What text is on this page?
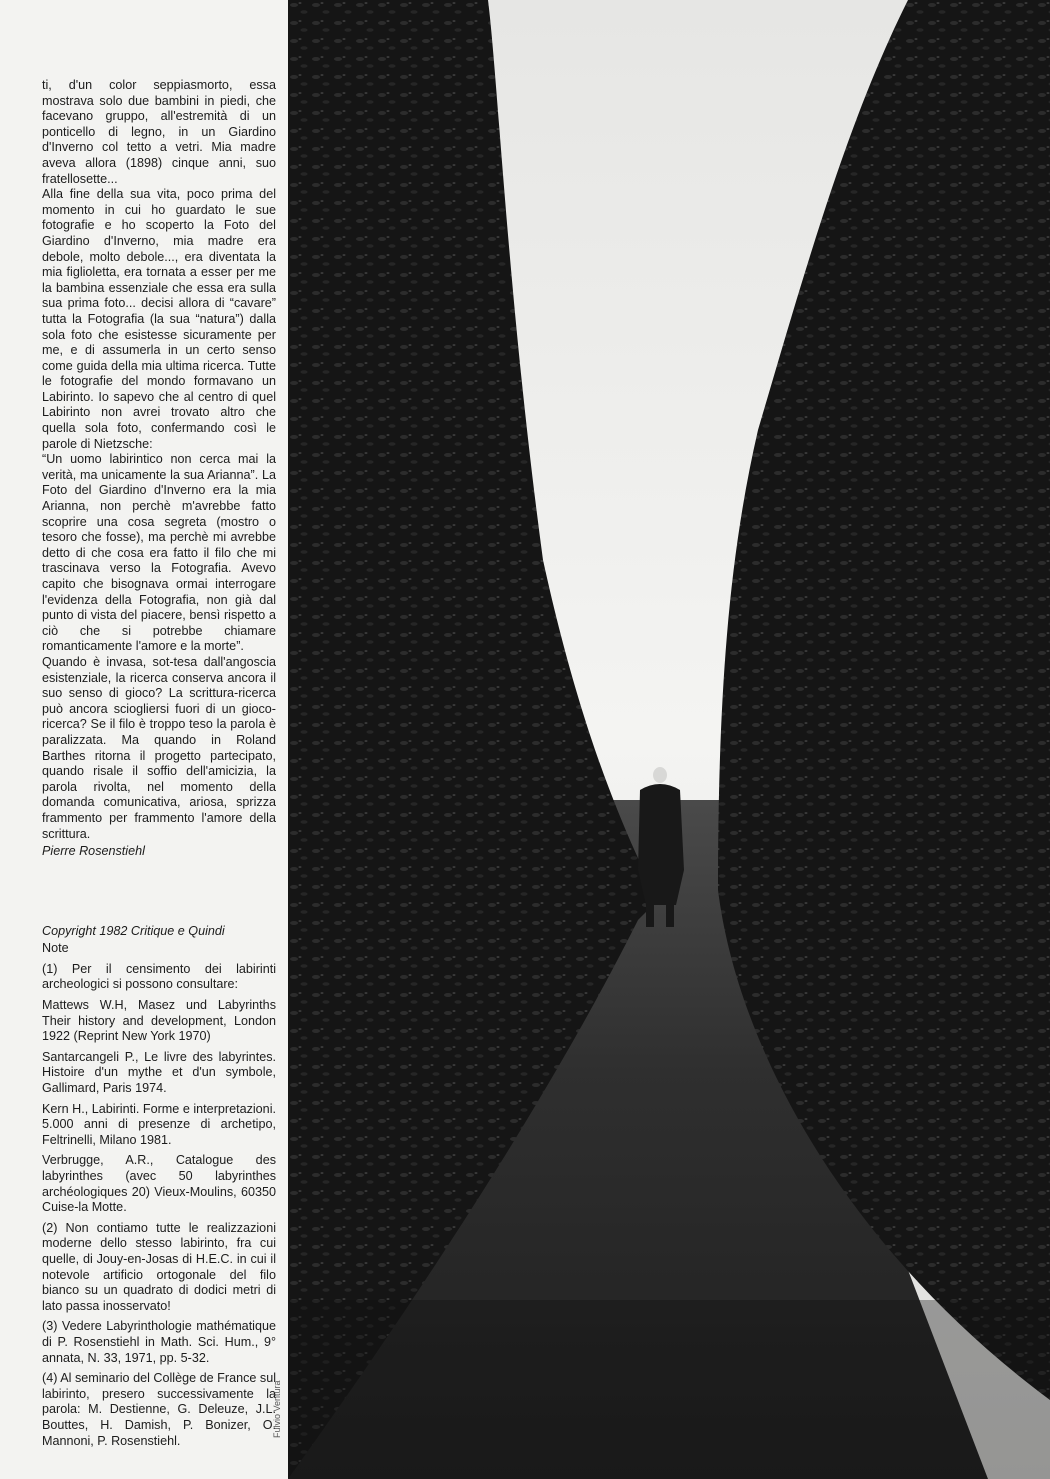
ti, d'un color seppiasmorto, essa mostrava solo due bambini in piedi, che facevano gruppo, all'estremità di un ponticello di legno, in un Giardino d'Inverno col tetto a vetri. Mia madre aveva allora (1898) cinque anni, suo fratellosette...

Alla fine della sua vita, poco prima del momento in cui ho guardato le sue fotografie e ho scoperto la Foto del Giardino d'Inverno, mia madre era debole, molto debole..., era diventata la mia figlioletta, era tornata a esser per me la bambina essenziale che essa era sulla sua prima foto... decisi allora di “cavare” tutta la Fotografia (la sua “natura”) dalla sola foto che esistesse sicuramente per me, e di assumerla in un certo senso come guida della mia ultima ricerca. Tutte le fotografie del mondo formavano un Labirinto. Io sapevo che al centro di quel Labirinto non avrei trovato altro che quella sola foto, confermando così le parole di Nietzsche:

“Un uomo labirintico non cerca mai la verità, ma unicamente la sua Arianna”. La Foto del Giardino d'Inverno era la mia Arianna, non perchè m'avrebbe fatto scoprire una cosa segreta (mostro o tesoro che fosse), ma perchè mi avrebbe detto di che cosa era fatto il filo che mi trascinava verso la Fotografia. Avevo capito che bisognava ormai interrogare l'evidenza della Fotografia, non già dal punto di vista del piacere, bensì rispetto a ciò che si potrebbe chiamare romanticamente l'amore e la morte”.

Quando è invasa, sot-tesa dall'angoscia esistenziale, la ricerca conserva ancora il suo senso di gioco? La scrittura-ricerca può ancora sciogliersi fuori di un gioco-ricerca? Se il filo è troppo teso la parola è paralizzata. Ma quando in Roland Barthes ritorna il progetto partecipato, quando risale il soffio dell'amicizia, la parola rivolta, nel momento della domanda comunicativa, ariosa, sprizza frammento per frammento l'amore della scrittura.

Pierre Rosenstiehl

Copyright 1982 Critique e Quindi

Note

(1) Per il censimento dei labirinti archeologici si possono consultare:

Mattews W.H, Masez und Labyrinths Their history and development, London 1922 (Reprint New York 1970)

Santarcangeli P., Le livre des labyrintes. Histoire d'un mythe et d'un symbole, Gallimard, Paris 1974.

Kern H., Labirinti. Forme e interpretazioni. 5.000 anni di presenze di archetipo, Feltrinelli, Milano 1981.

Verbrugge, A.R., Catalogue des labyrinthes (avec 50 labyrinthes archéologiques 20) Vieux-Moulins, 60350 Cuise-la Motte.

(2) Non contiamo tutte le realizzazioni moderne dello stesso labirinto, fra cui quelle, di Jouy-en-Josas di H.E.C. in cui il notevole artificio ortogonale del filo bianco su un quadrato di dodici metri di lato passa inosservato!

(3) Vedere Labyrinthologie mathématique di P. Rosenstiehl in Math. Sci. Hum., 9° annata, N. 33, 1971, pp. 5-32.

(4) Al seminario del Collège de France sul labirinto, presero successivamente la parola: M. Destienne, G. Deleuze, J.L. Bouttes, H. Damish, P. Bonizer, O. Mannoni, P. Rosenstiehl.

Fulvio Ventura
